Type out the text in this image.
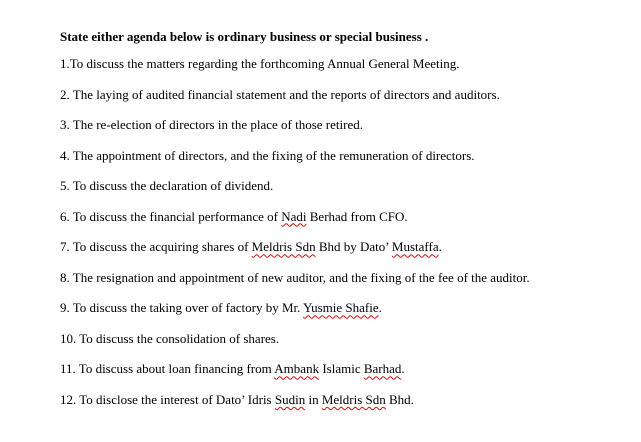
State either agenda below is ordinary business or special business .
1.To discuss the matters regarding the forthcoming Annual General Meeting.
2. The laying of audited financial statement and the reports of directors and auditors.
3. The re-election of directors in the place of those retired.
4. The appointment of directors, and the fixing of the remuneration of directors.
5. To discuss the declaration of dividend.
6. To discuss the financial performance of Nadi Berhad from CFO.
7. To discuss the acquiring shares of Meldris Sdn Bhd by Dato’ Mustaffa.
8. The resignation and appointment of new auditor, and the fixing of the fee of the auditor.
9. To discuss the taking over of factory by Mr. Yusmie Shafie.
10. To discuss the consolidation of shares.
11. To discuss about loan financing from Ambank Islamic Barhad.
12. To disclose the interest of Dato’ Idris Sudin in Meldris Sdn Bhd.
